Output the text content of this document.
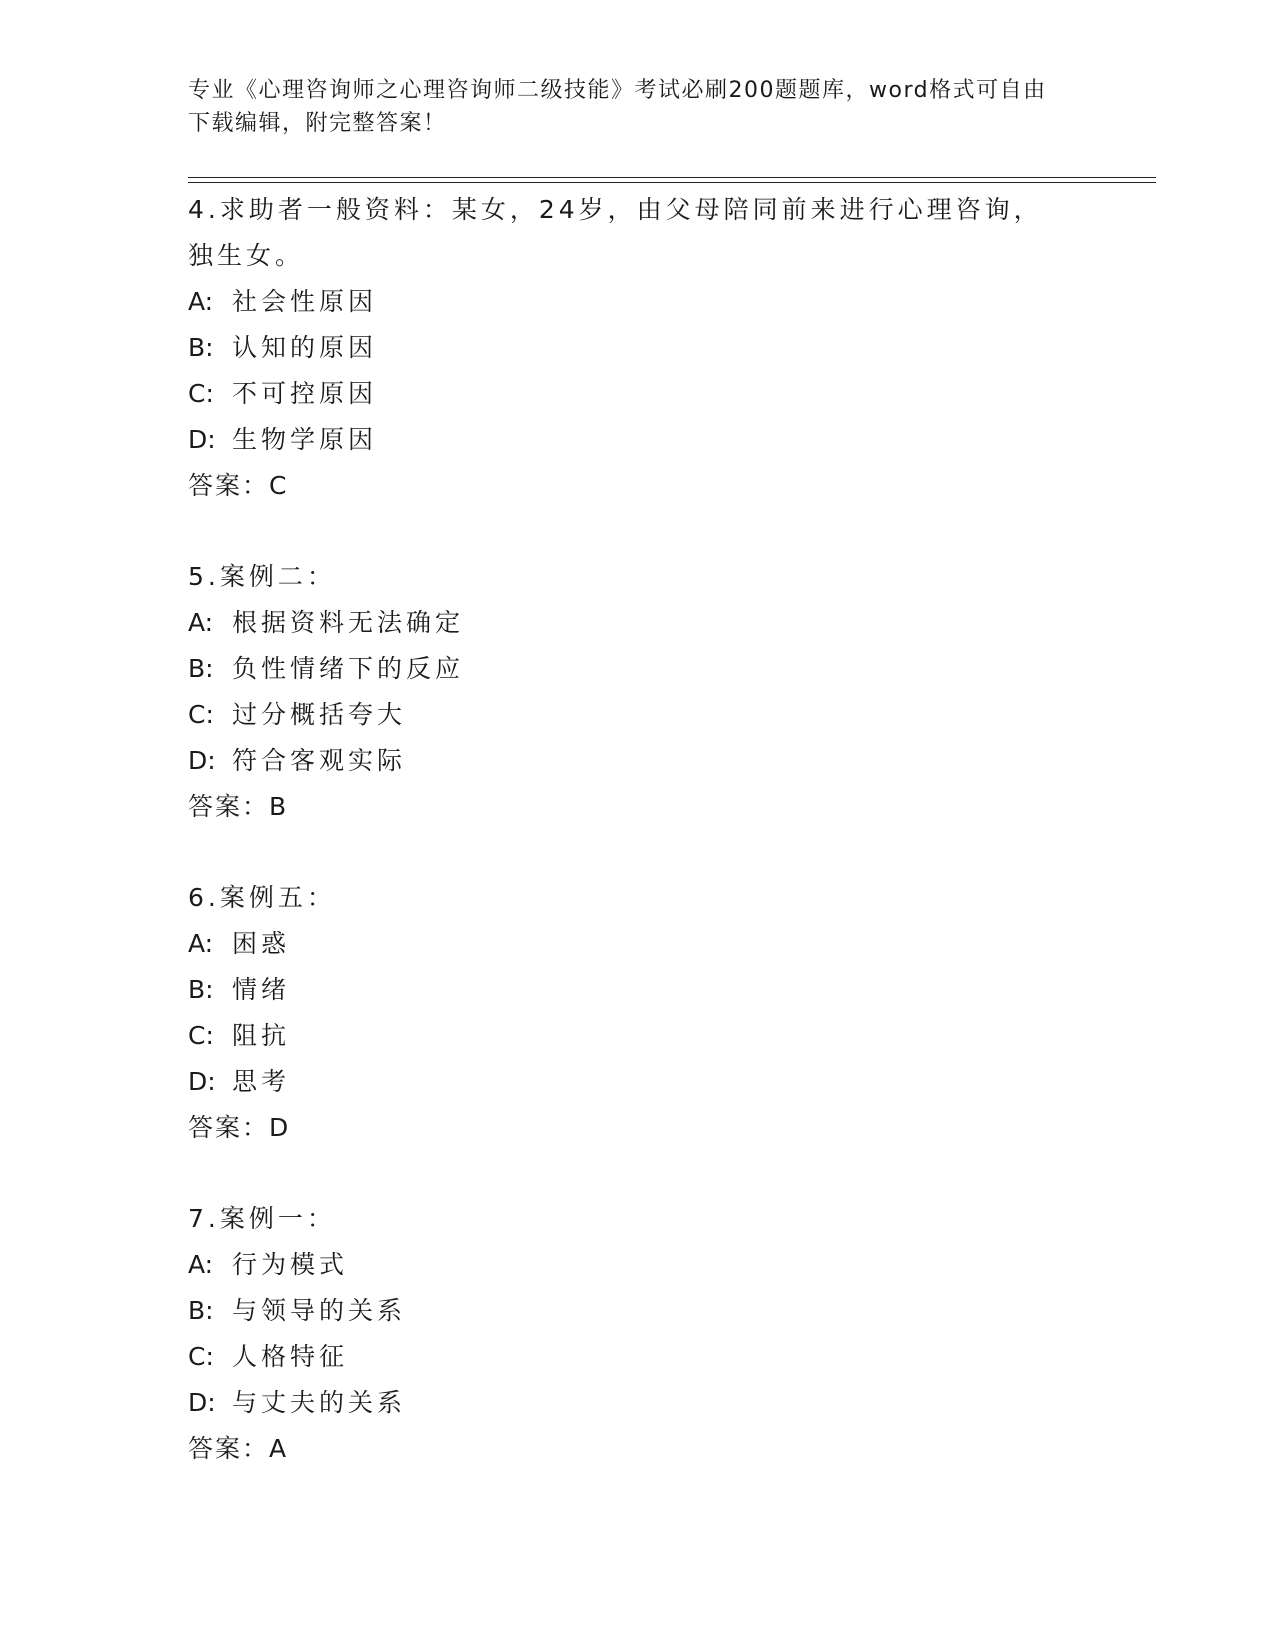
专业《心理咨询师之心理咨询师二级技能》考试必刷200题题库，word格式可自由下载编辑，附完整答案！
4.求助者一般资料：某女，24岁，由父母陪同前来进行心理咨询，独生女。
A: 社会性原因
B: 认知的原因
C: 不可控原因
D: 生物学原因
答案：C
5.案例二：
A: 根据资料无法确定
B: 负性情绪下的反应
C: 过分概括夸大
D: 符合客观实际
答案：B
6.案例五：
A: 困惑
B: 情绪
C: 阻抗
D: 思考
答案：D
7.案例一：
A: 行为模式
B: 与领导的关系
C: 人格特征
D: 与丈夫的关系
答案：A
